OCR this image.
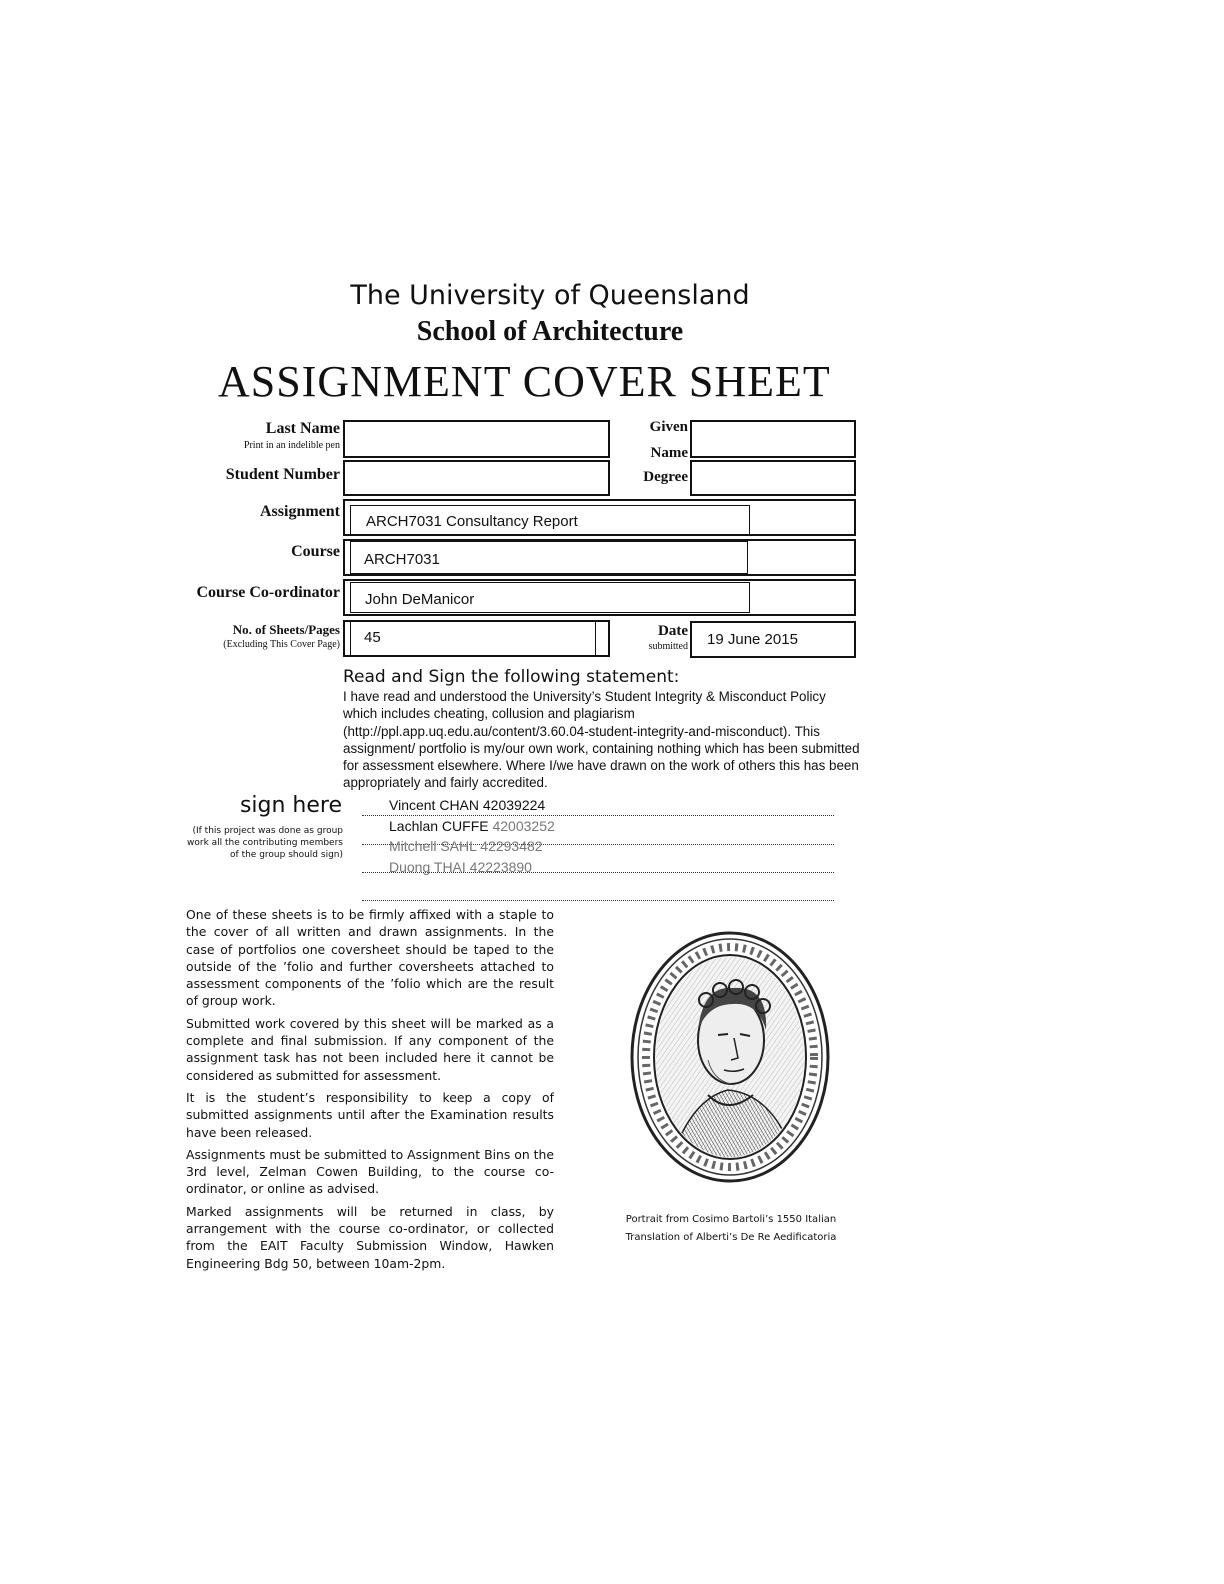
The University of Queensland
School of Architecture
ASSIGNMENT COVER SHEET
Last Name
Print in an indelible pen
Given
Name
Student Number	Degree
Assignment
ARCH7031 Consultancy Report
Course ARCH7031
Course Co-ordinator John DeManicor
No. of Sheets/Pages
(Excluding This Cover Page) 45	Date
submitted 19 June 2015
Read and Sign the following statement:
I have read and understood the University’s Student Integrity & Misconduct Policy which includes cheating, collusion and plagiarism (http://ppl.app.uq.edu.au/content/3.60.04-student-integrity-and-misconduct). This assignment/ portfolio is my/our own work, containing nothing which has been submitted for assessment elsewhere. Where I/we have drawn on the work of others this has been appropriately and fairly accredited.
sign here
(If this project was done as group work all the contributing members of the group should sign)
Vincent CHAN 42039224
Lachlan CUFFE 42003252
Mitchell SAHL 42293482
Duong THAI 42223890

One of these sheets is to be firmly affixed with a staple to the cover of all written and drawn assignments. In the case of portfolios one coversheet should be taped to the outside of the ’folio and further coversheets attached to assessment components of the ’folio which are the result of group work.

Submitted work covered by this sheet will be marked as a complete and final submission. If any component of the assignment task has not been included here it cannot be considered as submitted for assessment.

It is the student’s responsibility to keep a copy of submitted assignments until after the Examination results have been released.

Assignments must be submitted to Assignment Bins on the 3rd level, Zelman Cowen Building, to the course co-ordinator, or online as advised.

Marked assignments will be returned in class, by arrangement with the course co-ordinator, or collected from the EAIT Faculty Submission Window, Hawken Engineering Bdg 50, between 10am-2pm.

Portrait from Cosimo Bartoli’s 1550 Italian
Translation of Alberti’s De Re Aedificatoria
